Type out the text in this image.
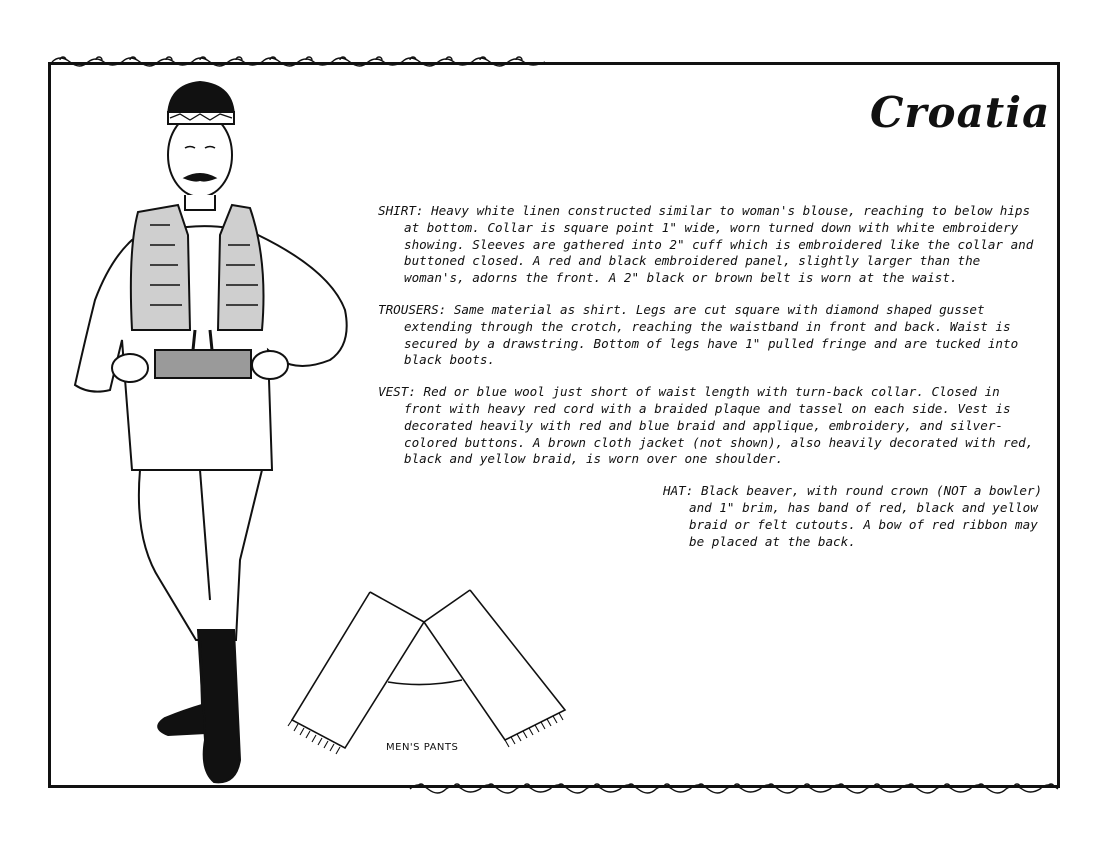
Croatia

SHIRT: Heavy white linen constructed similar to woman's blouse, reaching to below hips at bottom. Collar is square point 1" wide, worn turned down with white embroidery showing. Sleeves are gathered into 2" cuff which is embroidered like the collar and buttoned closed. A red and black embroidered panel, slightly larger than the woman's, adorns the front. A 2" black or brown belt is worn at the waist.

TROUSERS: Same material as shirt. Legs are cut square with diamond shaped gusset extending through the crotch, reaching the waistband in front and back. Waist is secured by a drawstring. Bottom of legs have 1" pulled fringe and are tucked into black boots.

VEST: Red or blue wool just short of waist length with turn-back collar. Closed in front with heavy red cord with a braided plaque and tassel on each side. Vest is decorated heavily with red and blue braid and applique, embroidery, and silver-colored buttons. A brown cloth jacket (not shown), also heavily decorated with red, black and yellow braid, is worn over one shoulder.

HAT: Black beaver, with round crown (NOT a bowler) and 1" brim, has band of red, black and yellow braid or felt cutouts. A bow of red ribbon may be placed at the back.

MEN'S PANTS
